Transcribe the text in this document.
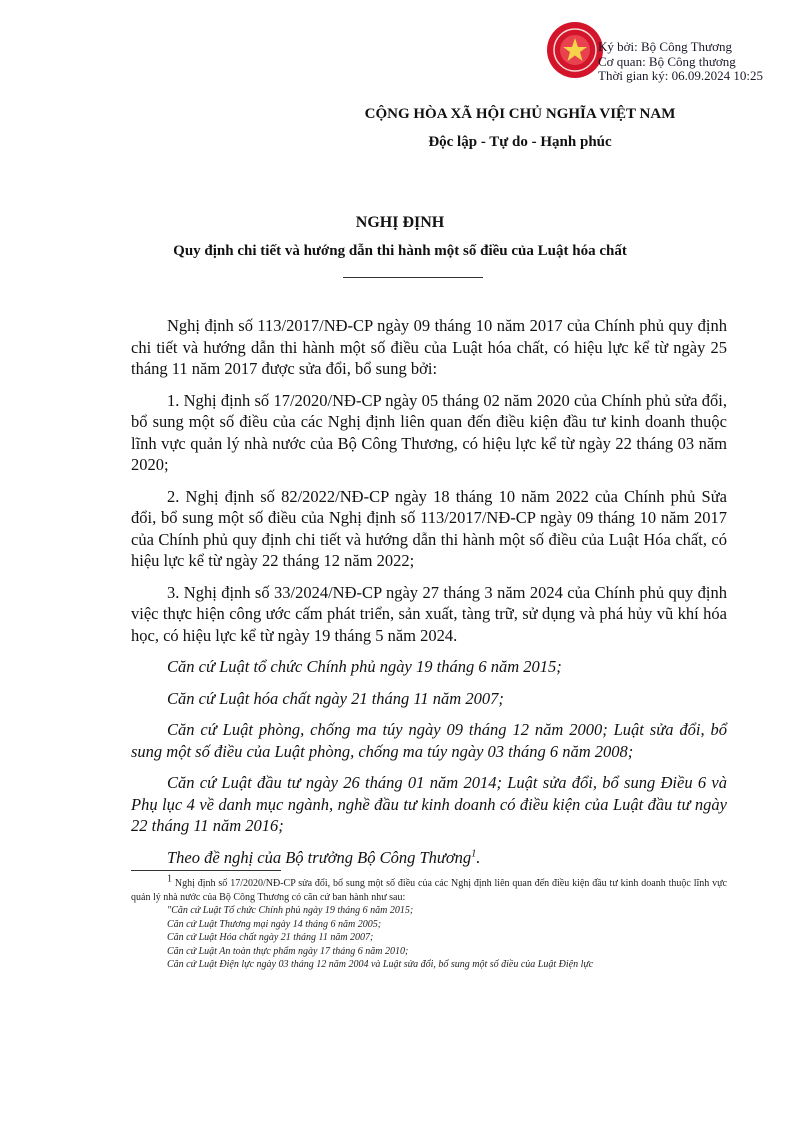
Ký bởi: Bộ Công Thương
Cơ quan: Bộ Công thương
Thời gian ký: 06.09.2024 10:25
CỘNG HÒA XÃ HỘI CHỦ NGHĨA VIỆT NAM
Độc lập - Tự do - Hạnh phúc
NGHỊ ĐỊNH
Quy định chi tiết và hướng dẫn thi hành một số điều của Luật hóa chất

Nghị định số 113/2017/NĐ-CP ngày 09 tháng 10 năm 2017 của Chính phủ quy định chi tiết và hướng dẫn thi hành một số điều của Luật hóa chất, có hiệu lực kể từ ngày 25 tháng 11 năm 2017 được sửa đổi, bổ sung bởi:

1. Nghị định số 17/2020/NĐ-CP ngày 05 tháng 02 năm 2020 của Chính phủ sửa đổi, bổ sung một số điều của các Nghị định liên quan đến điều kiện đầu tư kinh doanh thuộc lĩnh vực quản lý nhà nước của Bộ Công Thương, có hiệu lực kể từ ngày 22 tháng 03 năm 2020;

2. Nghị định số 82/2022/NĐ-CP ngày 18 tháng 10 năm 2022 của Chính phủ Sửa đổi, bổ sung một số điều của Nghị định số 113/2017/NĐ-CP ngày 09 tháng 10 năm 2017 của Chính phủ quy định chi tiết và hướng dẫn thi hành một số điều của Luật Hóa chất, có hiệu lực kể từ ngày 22 tháng 12 năm 2022;

3. Nghị định số 33/2024/NĐ-CP ngày 27 tháng 3 năm 2024 của Chính phủ quy định việc thực hiện công ước cấm phát triển, sản xuất, tàng trữ, sử dụng và phá hủy vũ khí hóa học, có hiệu lực kể từ ngày 19 tháng 5 năm 2024.

Căn cứ Luật tổ chức Chính phủ ngày 19 tháng 6 năm 2015;

Căn cứ Luật hóa chất ngày 21 tháng 11 năm 2007;

Căn cứ Luật phòng, chống ma túy ngày 09 tháng 12 năm 2000; Luật sửa đổi, bổ sung một số điều của Luật phòng, chống ma túy ngày 03 tháng 6 năm 2008;

Căn cứ Luật đầu tư ngày 26 tháng 01 năm 2014; Luật sửa đổi, bổ sung Điều 6 và Phụ lục 4 về danh mục ngành, nghề đầu tư kinh doanh có điều kiện của Luật đầu tư ngày 22 tháng 11 năm 2016;

Theo đề nghị của Bộ trưởng Bộ Công Thương$^1$.

$^1$ Nghị định số 17/2020/NĐ-CP sửa đổi, bổ sung một số điều của các Nghị định liên quan đến điều kiện đầu tư kinh doanh thuộc lĩnh vực quản lý nhà nước của Bộ Công Thương có căn cứ ban hành như sau:

"Căn cứ Luật Tổ chức Chính phủ ngày 19 tháng 6 năm 2015;

Căn cứ Luật Thương mại ngày 14 tháng 6 năm 2005;

Căn cứ Luật Hóa chất ngày 21 tháng 11 năm 2007;

Căn cứ Luật An toàn thực phẩm ngày 17 tháng 6 năm 2010;

Căn cứ Luật Điện lực ngày 03 tháng 12 năm 2004 và Luật sửa đổi, bổ sung một số điều của Luật Điện lực
